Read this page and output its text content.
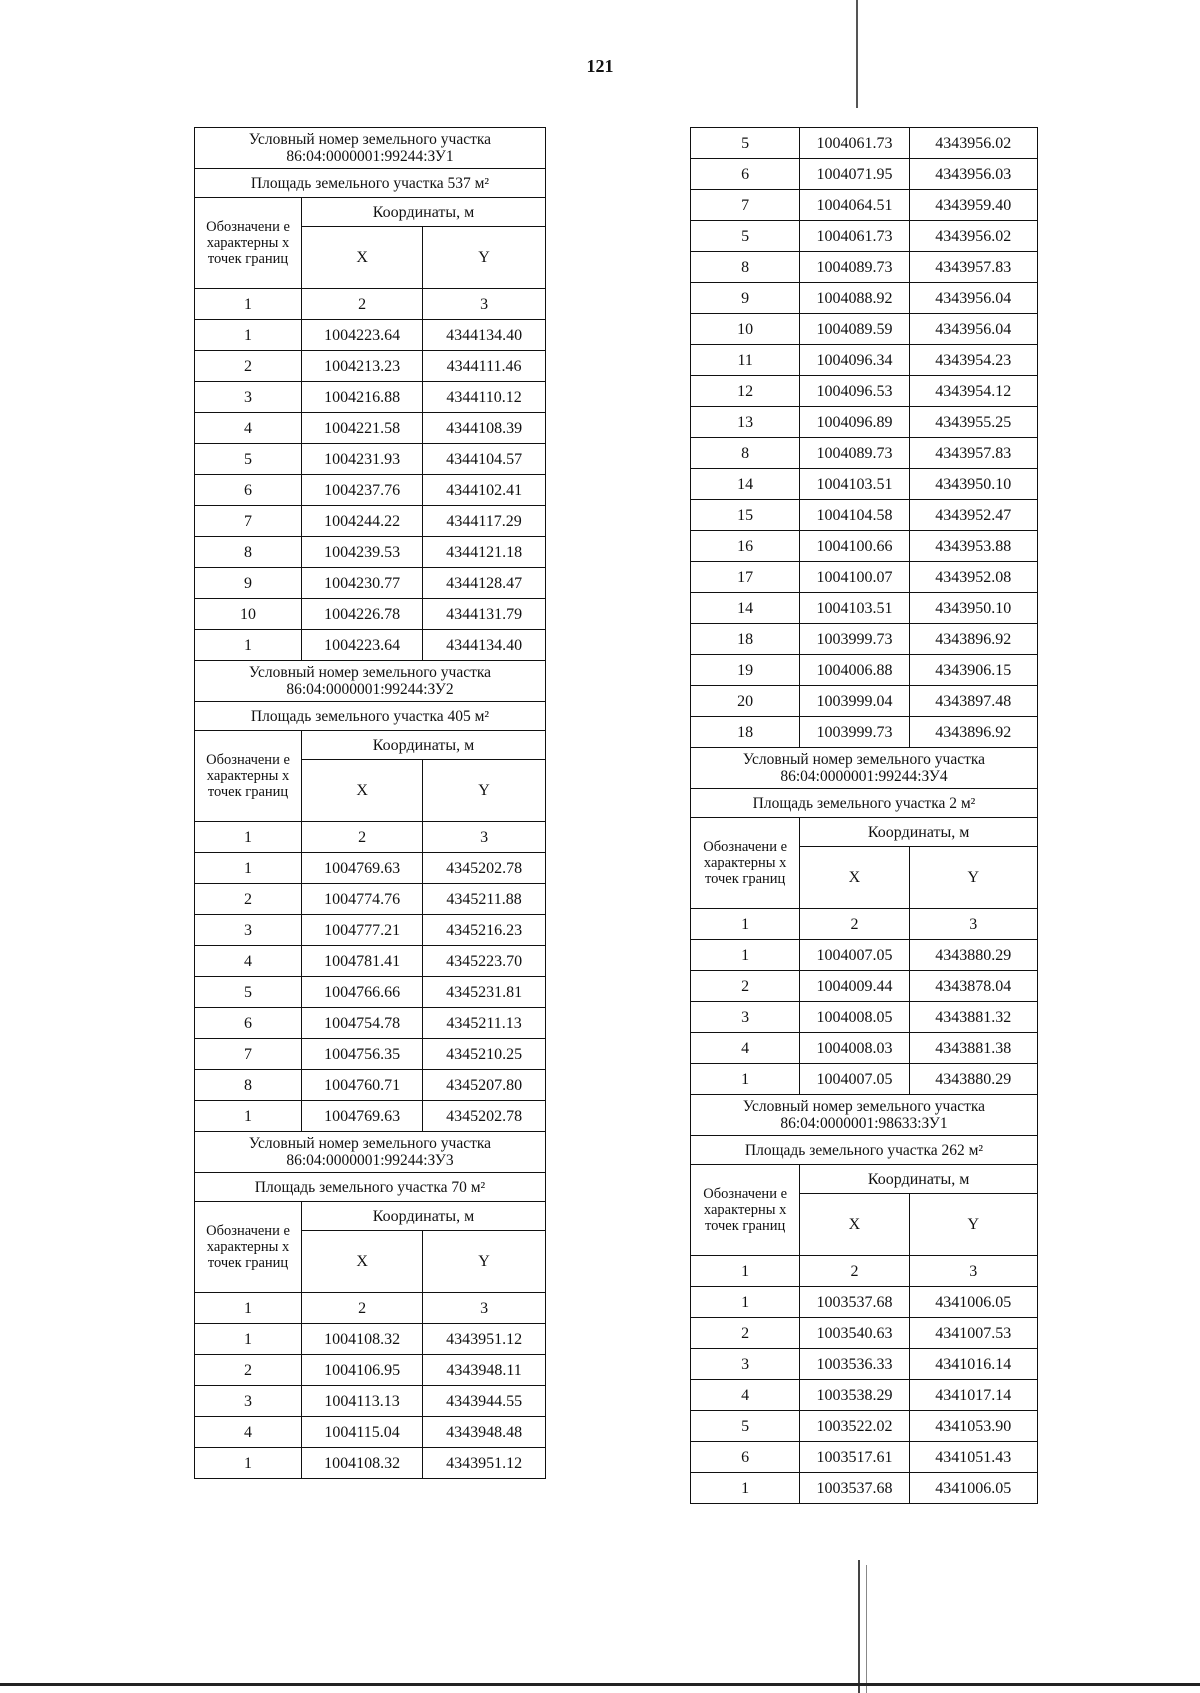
121
Условный номер земельного участка 86:04:0000001:99244:ЗУ1		
Площадь земельного участка 537 м²		
Обозначени е характерны х точек границ	Координаты, м	
	X	Y
1	2	3
1	1004223.64	4344134.40
2	1004213.23	4344111.46
3	1004216.88	4344110.12
4	1004221.58	4344108.39
5	1004231.93	4344104.57
6	1004237.76	4344102.41
7	1004244.22	4344117.29
8	1004239.53	4344121.18
9	1004230.77	4344128.47
10	1004226.78	4344131.79
1	1004223.64	4344134.40
Условный номер земельного участка 86:04:0000001:99244:ЗУ2		
Площадь земельного участка 405 м²		
Обозначени е характерны х точек границ	Координаты, м	
	X	Y
1	2	3
1	1004769.63	4345202.78
2	1004774.76	4345211.88
3	1004777.21	4345216.23
4	1004781.41	4345223.70
5	1004766.66	4345231.81
6	1004754.78	4345211.13
7	1004756.35	4345210.25
8	1004760.71	4345207.80
1	1004769.63	4345202.78
Условный номер земельного участка 86:04:0000001:99244:ЗУ3		
Площадь земельного участка 70 м²		
Обозначени е характерны х точек границ	Координаты, м	
	X	Y
1	2	3
1	1004108.32	4343951.12
2	1004106.95	4343948.11
3	1004113.13	4343944.55
4	1004115.04	4343948.48
1	1004108.32	4343951.12
5	1004061.73	4343956.02
6	1004071.95	4343956.03
7	1004064.51	4343959.40
5	1004061.73	4343956.02
8	1004089.73	4343957.83
9	1004088.92	4343956.04
10	1004089.59	4343956.04
11	1004096.34	4343954.23
12	1004096.53	4343954.12
13	1004096.89	4343955.25
8	1004089.73	4343957.83
14	1004103.51	4343950.10
15	1004104.58	4343952.47
16	1004100.66	4343953.88
17	1004100.07	4343952.08
14	1004103.51	4343950.10
18	1003999.73	4343896.92
19	1004006.88	4343906.15
20	1003999.04	4343897.48
18	1003999.73	4343896.92
Условный номер земельного участка 86:04:0000001:99244:ЗУ4		
Площадь земельного участка 2 м²		
Обозначени е характерны х точек границ	Координаты, м	
	X	Y
1	2	3
1	1004007.05	4343880.29
2	1004009.44	4343878.04
3	1004008.05	4343881.32
4	1004008.03	4343881.38
1	1004007.05	4343880.29
Условный номер земельного участка 86:04:0000001:98633:ЗУ1		
Площадь земельного участка 262 м²		
Обозначени е характерны х точек границ	Координаты, м	
	X	Y
1	2	3
1	1003537.68	4341006.05
2	1003540.63	4341007.53
3	1003536.33	4341016.14
4	1003538.29	4341017.14
5	1003522.02	4341053.90
6	1003517.61	4341051.43
1	1003537.68	4341006.05
